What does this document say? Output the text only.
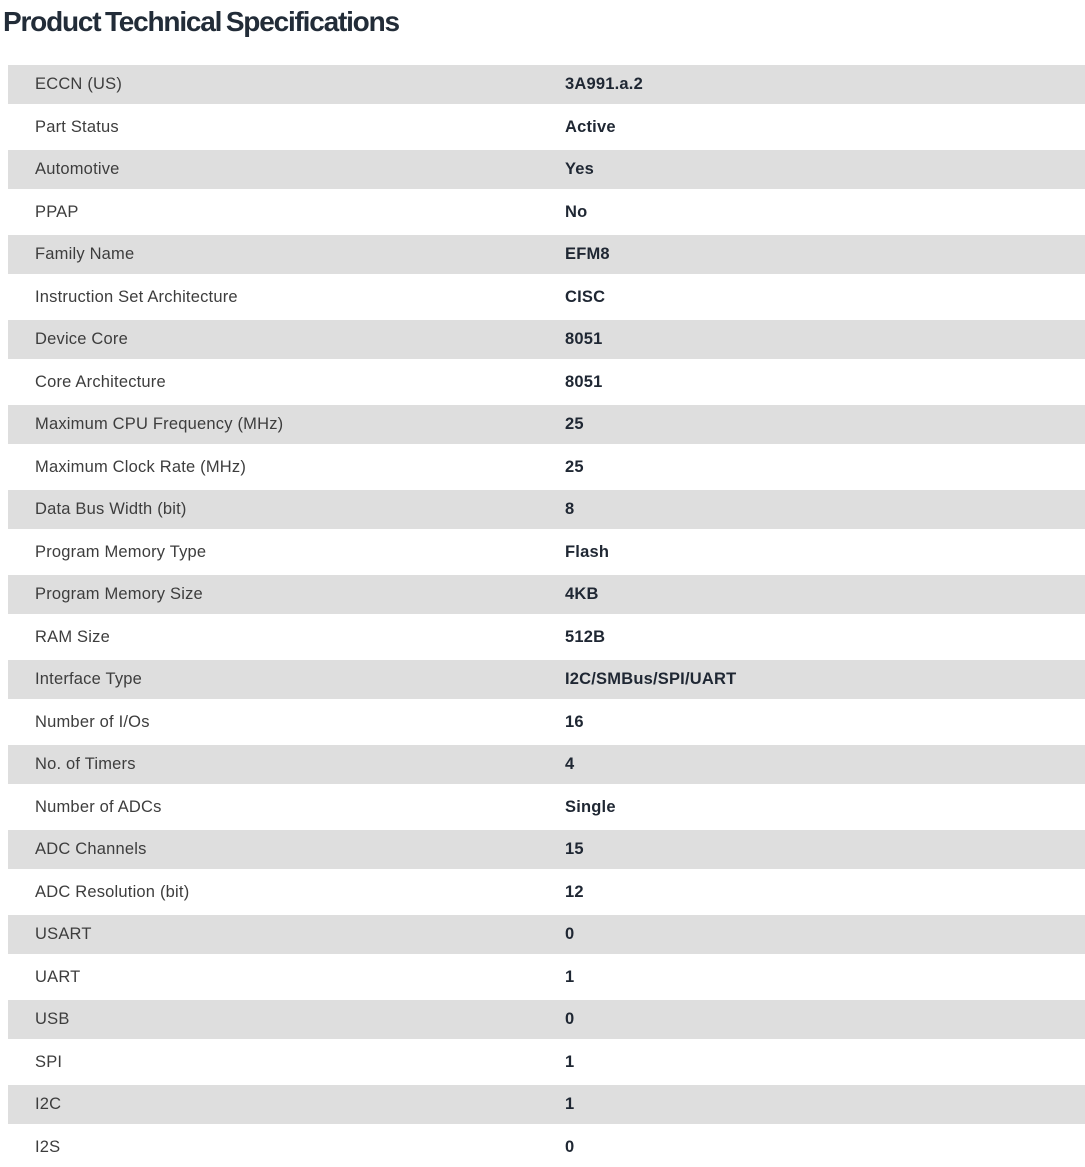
Product Technical Specifications
ECCN (US)	3A991.a.2
Part Status	Active
Automotive	Yes
PPAP	No
Family Name	EFM8
Instruction Set Architecture	CISC
Device Core	8051
Core Architecture	8051
Maximum CPU Frequency (MHz)	25
Maximum Clock Rate (MHz)	25
Data Bus Width (bit)	8
Program Memory Type	Flash
Program Memory Size	4KB
RAM Size	512B
Interface Type	I2C/SMBus/SPI/UART
Number of I/Os	16
No. of Timers	4
Number of ADCs	Single
ADC Channels	15
ADC Resolution (bit)	12
USART	0
UART	1
USB	0
SPI	1
I2C	1
I2S	0
